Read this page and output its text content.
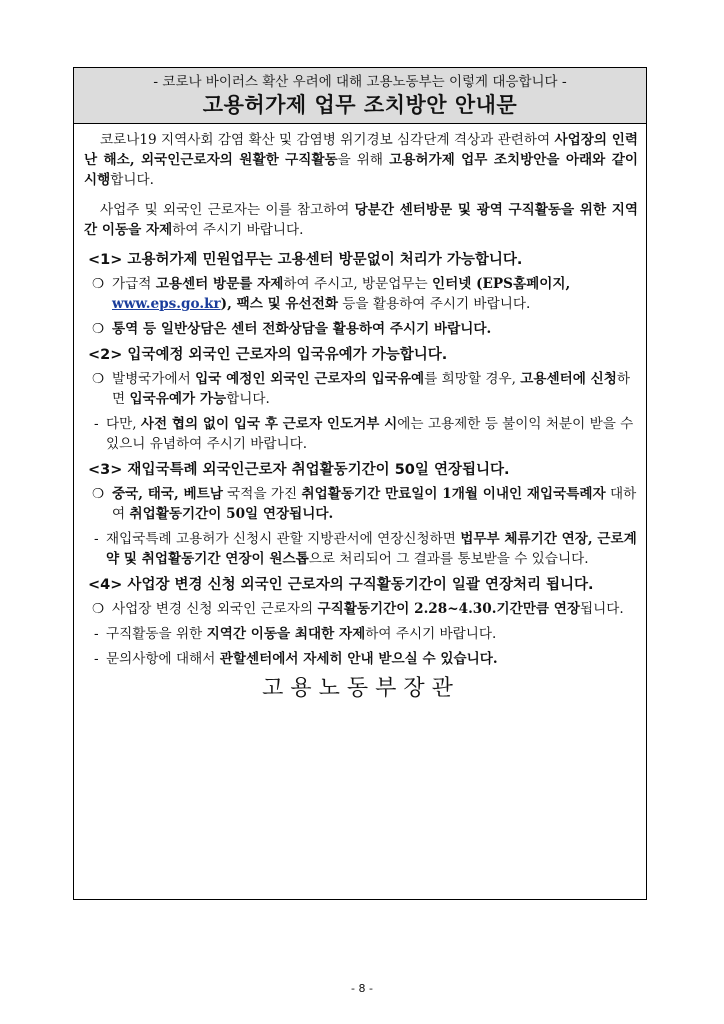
- 코로나 바이러스 확산 우려에 대해 고용노동부는 이렇게 대응합니다 -
고용허가제 업무 조치방안 안내문

코로나19 지역사회 감염 확산 및 감염병 위기경보 심각단계 격상과 관련하여 사업장의 인력난 해소, 외국인근로자의 원활한 구직활동을 위해 고용허가제 업무 조치방안을 아래와 같이 시행합니다.

사업주 및 외국인 근로자는 이를 참고하여 당분간 센터방문 및 광역 구직활동을 위한 지역간 이동을 자제하여 주시기 바랍니다.

<1> 고용허가제 민원업무는 고용센터 방문없이 처리가 가능합니다.
❍ 가급적 고용센터 방문를 자제하여 주시고, 방문업무는 인터넷 (EPS홈페이지, www.eps.go.kr), 팩스 및 유선전화 등을 활용하여 주시기 바랍니다.
❍ 통역 등 일반상담은 센터 전화상담을 활용하여 주시기 바랍니다.
<2> 입국예정 외국인 근로자의 입국유예가 가능합니다.
❍ 발병국가에서 입국 예정인 외국인 근로자의 입국유예를 희망할 경우, 고용센터에 신청하면 입국유예가 가능합니다.
- 다만, 사전 협의 없이 입국 후 근로자 인도거부 시에는 고용제한 등 불이익 처분이 받을 수 있으니 유념하여 주시기 바랍니다.
<3> 재입국특례 외국인근로자 취업활동기간이 50일 연장됩니다.
❍ 중국, 태국, 베트남 국적을 가진 취업활동기간 만료일이 1개월 이내인 재입국특례자 대하여 취업활동기간이 50일 연장됩니다.
- 재입국특례 고용허가 신청시 관할 지방관서에 연장신청하면 법무부 체류기간 연장, 근로계약 및 취업활동기간 연장이 원스톱으로 처리되어 그 결과를 통보받을 수 있습니다.
<4> 사업장 변경 신청 외국인 근로자의 구직활동기간이 일괄 연장처리 됩니다.
❍ 사업장 변경 신청 외국인 근로자의 구직활동기간이 2.28~4.30.기간만큼 연장됩니다.
- 구직활동을 위한 지역간 이동을 최대한 자제하여 주시기 바랍니다.
- 문의사항에 대해서 관할센터에서 자세히 안내 받으실 수 있습니다.
고용노동부장관
- 8 -
